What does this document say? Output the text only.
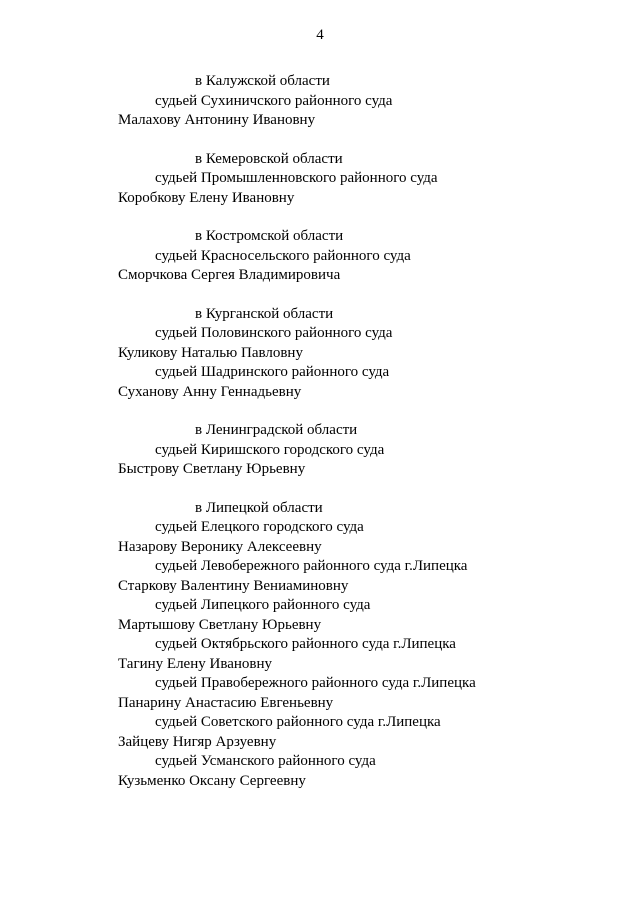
4
в Калужской области
судьей Сухиничского районного суда
Малахову Антонину Ивановну
в Кемеровской области
судьей Промышленновского районного суда
Коробкову Елену Ивановну
в Костромской области
судьей Красносельского районного суда
Сморчкова Сергея Владимировича
в Курганской области
судьей Половинского районного суда
Куликову Наталью Павловну
судьей Шадринского районного суда
Суханову Анну Геннадьевну
в Ленинградской области
судьей Киришского городского суда
Быстрову Светлану Юрьевну
в Липецкой области
судьей Елецкого городского суда
Назарову Веронику Алексеевну
судьей Левобережного районного суда г.Липецка
Старкову Валентину Вениаминовну
судьей Липецкого районного суда
Мартышову Светлану Юрьевну
судьей Октябрьского районного суда г.Липецка
Тагину Елену Ивановну
судьей Правобережного районного суда г.Липецка
Панарину Анастасию Евгеньевну
судьей Советского районного суда г.Липецка
Зайцеву Нигяр Арзуевну
судьей Усманского районного суда
Кузьменко Оксану Сергеевну
